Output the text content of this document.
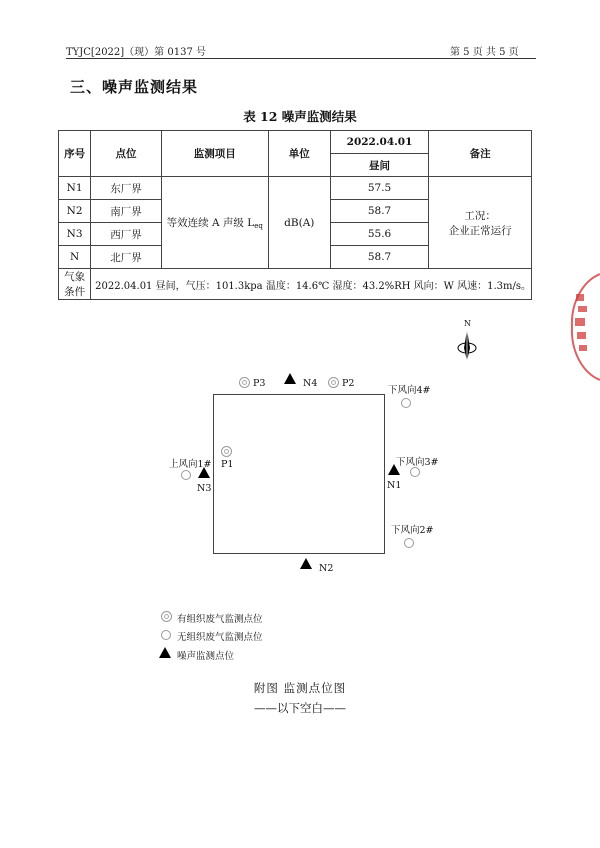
TYJC[2022]（现）第 0137 号	第 5 页 共 5 页
三、噪声监测结果
表 12 噪声监测结果
序号	点位	监测项目	单位	2022.04.01	备注
				昼间	
N1	东厂界	等效连续 A 声级 $L_{eq}$	dB(A)	57.5	工况：
企业正常运行

N2	南厂界			58.7	
N3	西厂界			55.6	
N	北厂界			58.7	
气象条件	2022.04.01 昼间，气压：101.3kpa 温度：14.6℃ 湿度：43.2%RH 风向：W 风速：1.3m/s。				
N
P3	P2
P1
N4
N3	N1
N2
上风向1#
下风向4#
下风向3#
下风向2#
有组织废气监测点位
无组织废气监测点位
噪声监测点位
附图 监测点位图
——以下空白——
